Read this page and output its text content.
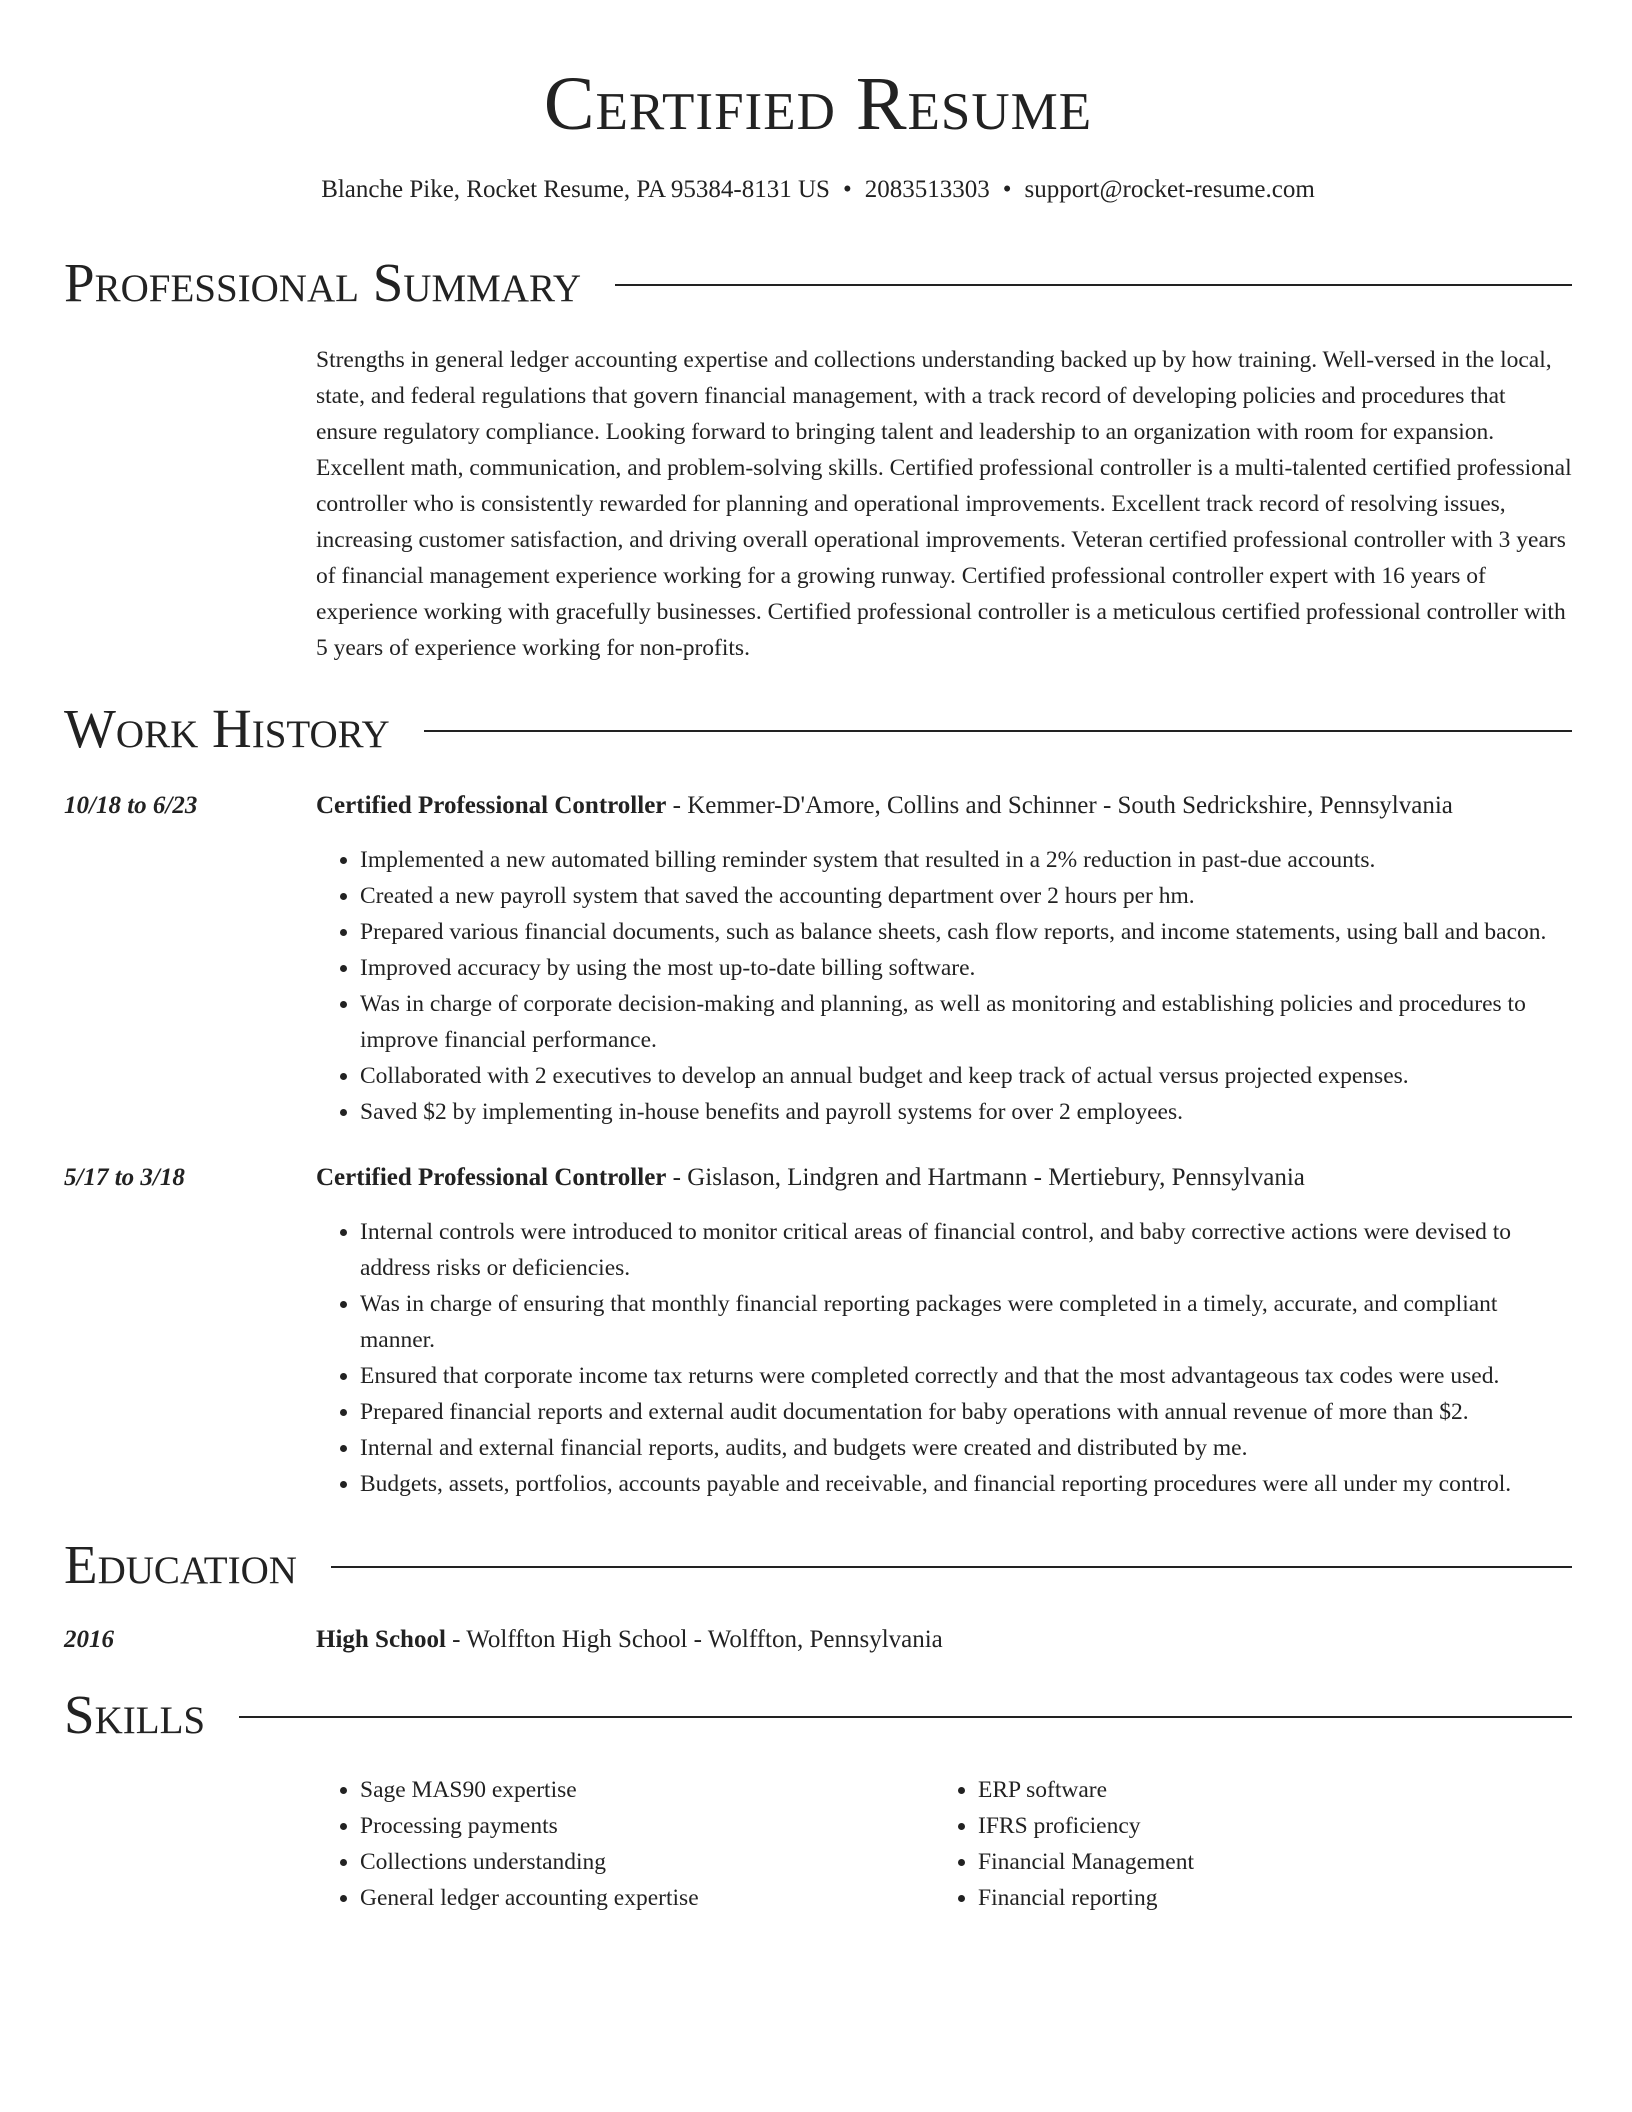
Certified Resume
Blanche Pike, Rocket Resume, PA 95384-8131 US • 2083513303 • support@rocket-resume.com
Professional Summary

Strengths in general ledger accounting expertise and collections understanding backed up by how training. Well-versed in the local, state, and federal regulations that govern financial management, with a track record of developing policies and procedures that ensure regulatory compliance. Looking forward to bringing talent and leadership to an organization with room for expansion. Excellent math, communication, and problem-solving skills. Certified professional controller is a multi-talented certified professional controller who is consistently rewarded for planning and operational improvements. Excellent track record of resolving issues, increasing customer satisfaction, and driving overall operational improvements. Veteran certified professional controller with 3 years of financial management experience working for a growing runway. Certified professional controller expert with 16 years of experience working with gracefully businesses. Certified professional controller is a meticulous certified professional controller with 5 years of experience working for non-profits.

Work History
10/18 to 6/23	Certified Professional Controller - Kemmer-D'Amore, Collins and Schinner - South Sedrickshire, Pennsylvania
• Implemented a new automated billing reminder system that resulted in a 2% reduction in past-due accounts.
• Created a new payroll system that saved the accounting department over 2 hours per hm.
• Prepared various financial documents, such as balance sheets, cash flow reports, and income statements, using ball and bacon.
• Improved accuracy by using the most up-to-date billing software.
• Was in charge of corporate decision-making and planning, as well as monitoring and establishing policies and procedures to improve financial performance.
• Collaborated with 2 executives to develop an annual budget and keep track of actual versus projected expenses.
• Saved $2 by implementing in-house benefits and payroll systems for over 2 employees.
5/17 to 3/18	Certified Professional Controller - Gislason, Lindgren and Hartmann - Mertiebury, Pennsylvania
• Internal controls were introduced to monitor critical areas of financial control, and baby corrective actions were devised to address risks or deficiencies.
• Was in charge of ensuring that monthly financial reporting packages were completed in a timely, accurate, and compliant manner.
• Ensured that corporate income tax returns were completed correctly and that the most advantageous tax codes were used.
• Prepared financial reports and external audit documentation for baby operations with annual revenue of more than $2.
• Internal and external financial reports, audits, and budgets were created and distributed by me.
• Budgets, assets, portfolios, accounts payable and receivable, and financial reporting procedures were all under my control.
Education
2016	High School - Wolffton High School - Wolffton, Pennsylvania
Skills
• Sage MAS90 expertise
• Processing payments
• Collections understanding
• General ledger accounting expertise
• ERP software
• IFRS proficiency
• Financial Management
• Financial reporting
